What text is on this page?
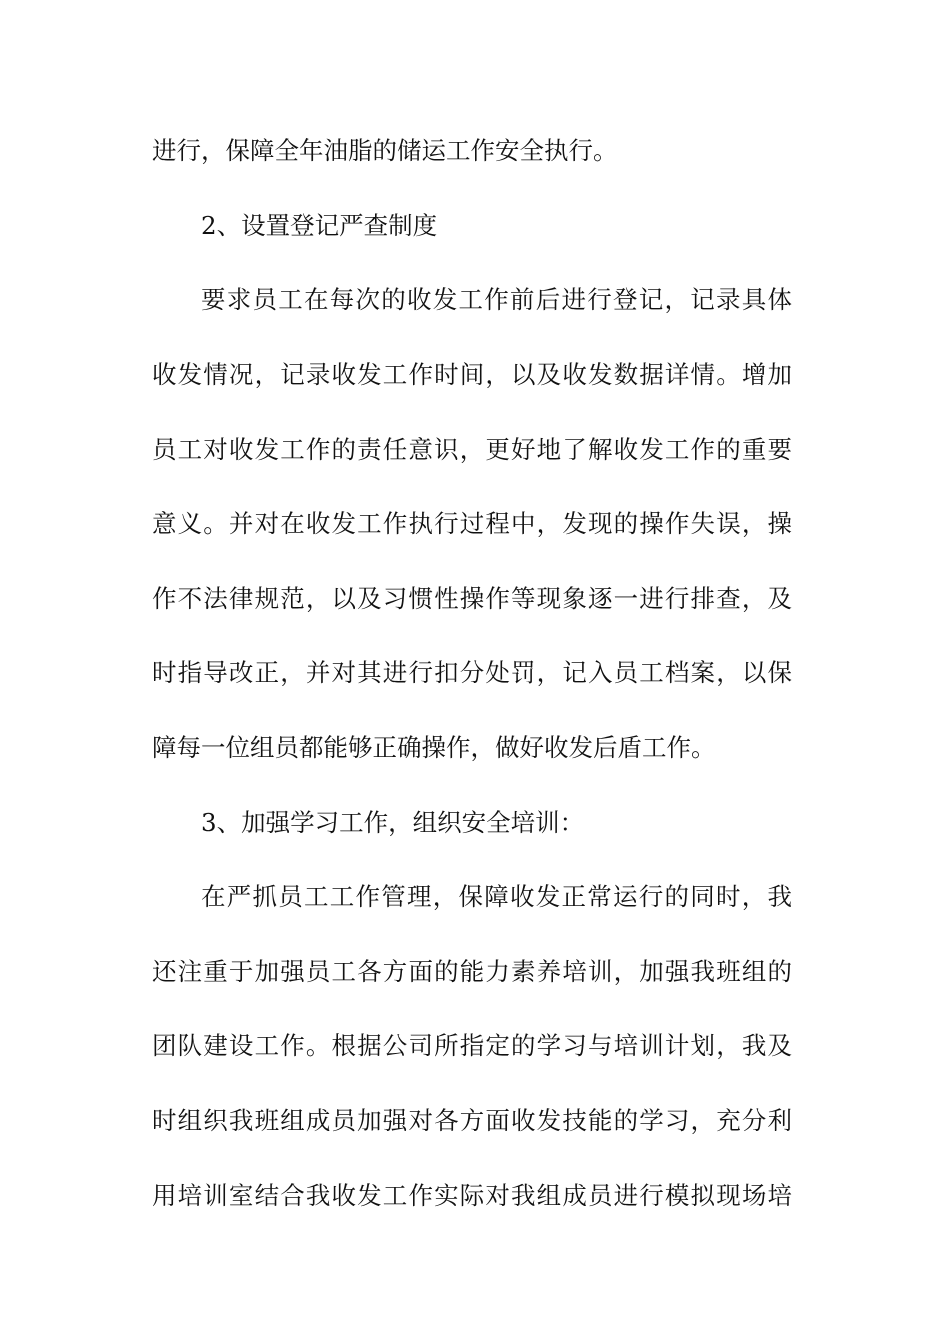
进行，保障全年油脂的储运工作安全执行。
2、设置登记严查制度
要求员工在每次的收发工作前后进行登记，记录具体
收发情况，记录收发工作时间，以及收发数据详情。增加
员工对收发工作的责任意识，更好地了解收发工作的重要
意义。并对在收发工作执行过程中，发现的操作失误，操
作不法律规范，以及习惯性操作等现象逐一进行排查，及
时指导改正，并对其进行扣分处罚，记入员工档案，以保
障每一位组员都能够正确操作，做好收发后盾工作。
3、加强学习工作，组织安全培训：
在严抓员工工作管理，保障收发正常运行的同时，我
还注重于加强员工各方面的能力素养培训，加强我班组的
团队建设工作。根据公司所指定的学习与培训计划，我及
时组织我班组成员加强对各方面收发技能的学习，充分利
用培训室结合我收发工作实际对我组成员进行模拟现场培
